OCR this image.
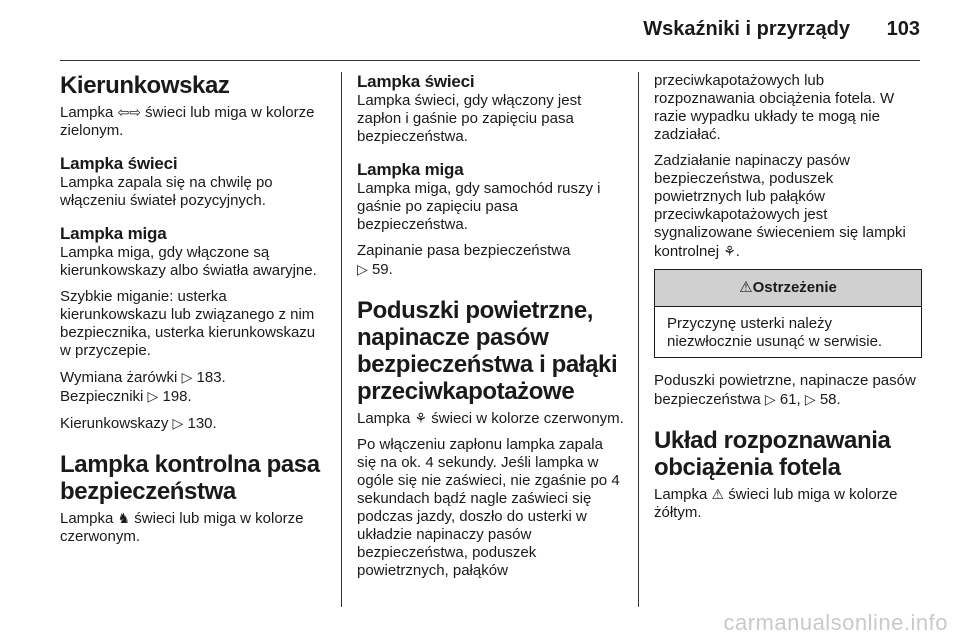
Wskaźniki i przyrządy 103
Kierunkowskaz

Lampka ⇦⇨ świeci lub miga w kolorze zielonym.

Lampka świeci

Lampka zapala się na chwilę po włączeniu świateł pozycyjnych.

Lampka miga

Lampka miga, gdy włączone są kierunkowskazy albo światła awaryjne.

Szybkie miganie: usterka kierunkowskazu lub związanego z nim bezpiecznika, usterka kierunkowskazu w przyczepie.

Wymiana żarówki ▷ 183.
Bezpieczniki ▷ 198.

Kierunkowskazy ▷ 130.

Lampka kontrolna pasa bezpieczeństwa

Lampka ♞ świeci lub miga w kolorze czerwonym.

Lampka świeci

Lampka świeci, gdy włączony jest zapłon i gaśnie po zapięciu pasa bezpieczeństwa.

Lampka miga

Lampka miga, gdy samochód ruszy i gaśnie po zapięciu pasa bezpieczeństwa.

Zapinanie pasa bezpieczeństwa
▷ 59.

Poduszki powietrzne, napinacze pasów bezpieczeństwa i pałąki przeciwkapotażowe

Lampka ⚘ świeci w kolorze czerwonym.

Po włączeniu zapłonu lampka zapala się na ok. 4 sekundy. Jeśli lampka w ogóle się nie zaświeci, nie zgaśnie po 4 sekundach bądź nagle zaświeci się podczas jazdy, doszło do usterki w układzie napinaczy pasów bezpieczeństwa, poduszek powietrznych, pałąków

przeciwkapotażowych lub rozpoznawania obciążenia fotela. W razie wypadku układy te mogą nie zadziałać.

Zadziałanie napinaczy pasów bezpieczeństwa, poduszek powietrznych lub pałąków przeciwkapotażowych jest sygnalizowane świeceniem się lampki kontrolnej ⚘.

⚠Ostrzeżenie
Przyczynę usterki należy niezwłocznie usunąć w serwisie.

Poduszki powietrzne, napinacze pasów bezpieczeństwa ▷ 61, ▷ 58.

Układ rozpoznawania obciążenia fotela

Lampka ⚠ świeci lub miga w kolorze żółtym.

carmanualsonline.info
